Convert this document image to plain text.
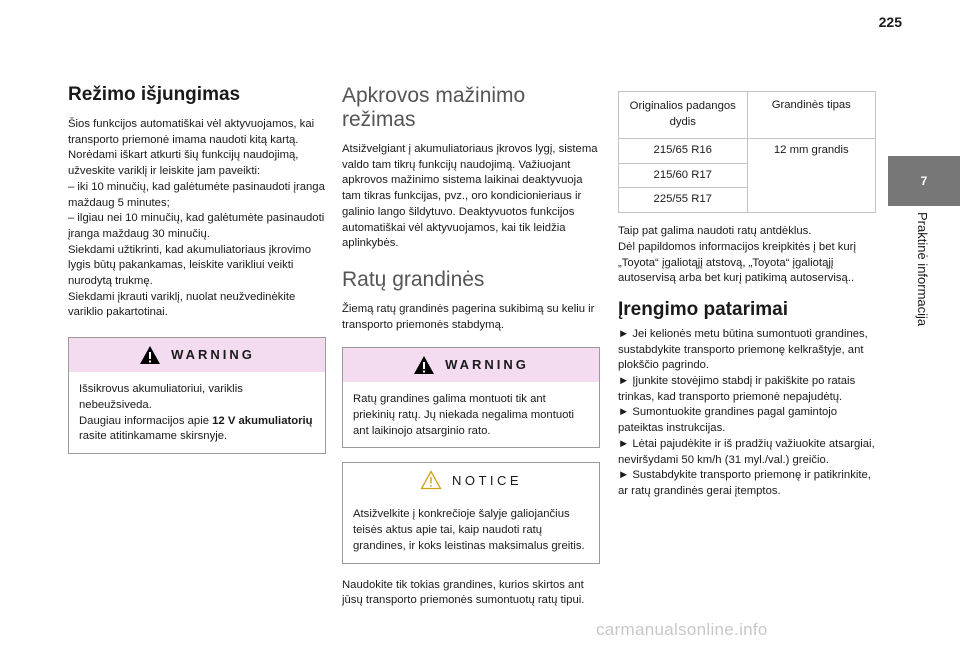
225
Režimo išjungimas

Šios funkcijos automatiškai vėl aktyvuojamos, kai transporto priemonė imama naudoti kitą kartą.

Norėdami iškart atkurti šių funkcijų naudojimą, užveskite variklį ir leiskite jam paveikti:

– iki 10 minučių, kad galėtumėte pasinaudoti įranga maždaug 5 minutes;

– ilgiau nei 10 minučių, kad galėtumėte pasinaudoti įranga maždaug 30 minučių.

Siekdami užtikrinti, kad akumuliatoriaus įkrovimo lygis būtų pakankamas, leiskite varikliui veikti nurodytą trukmę.

Siekdami įkrauti variklį, nuolat neužvedinėkite variklio pakartotinai.

WARNING

Išsikrovus akumuliatoriui, variklis nebeužsiveda.

Daugiau informacijos apie 12 V akumuliatorių rasite atitinkamame skirsnyje.

Apkrovos mažinimo režimas

Atsižvelgiant į akumuliatoriaus įkrovos lygį, sistema valdo tam tikrų funkcijų naudojimą. Važiuojant apkrovos mažinimo sistema laikinai deaktyvuoja tam tikras funkcijas, pvz., oro kondicionieriaus ir galinio lango šildytuvo. Deaktyvuotos funkcijos automatiškai vėl aktyvuojamos, kai tik leidžia aplinkybės.

Ratų grandinės

Žiemą ratų grandinės pagerina sukibimą su keliu ir transporto priemonės stabdymą.

WARNING

Ratų grandines galima montuoti tik ant priekinių ratų. Jų niekada negalima montuoti ant laikinojo atsarginio rato.

NOTICE

Atsižvelkite į konkrečioje šalyje galiojančius teisės aktus apie tai, kaip naudoti ratų grandines, ir koks leistinas maksimalus greitis.

Naudokite tik tokias grandines, kurios skirtos ant jūsų transporto priemonės sumontuotų ratų tipui.

Originalios padangos dydis	Grandinės tipas
215/65 R16	12 mm grandis
215/60 R17	
225/55 R17	

Taip pat galima naudoti ratų antdėklus.

Dėl papildomos informacijos kreipkitės į bet kurį „Toyota“ įgaliotąjį atstovą, „Toyota“ įgaliotąjį autoservisą arba bet kurį patikimą autoservisą..

Įrengimo patarimai

► Jei kelionės metu būtina sumontuoti grandines, sustabdykite transporto priemonę kelkraštyje, ant plokščio pagrindo.

► Įjunkite stovėjimo stabdį ir pakiškite po ratais trinkas, kad transporto priemonė nepajudėtų.

► Sumontuokite grandines pagal gamintojo pateiktas instrukcijas.

► Lėtai pajudėkite ir iš pradžių važiuokite atsargiai, neviršydami 50 km/h (31 myl./val.) greičio.

► Sustabdykite transporto priemonę ir patikrinkite, ar ratų grandinės gerai įtemptos.

7
Praktinė informacija
carmanualsonline.info
